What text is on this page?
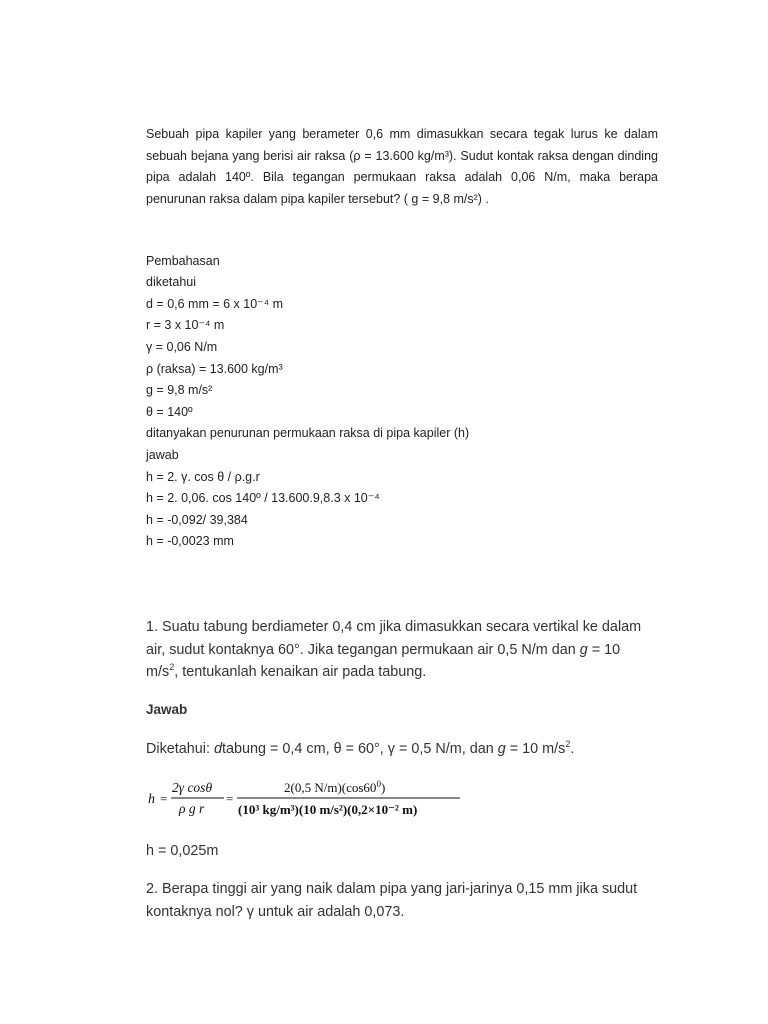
Sebuah pipa kapiler yang berameter 0,6 mm dimasukkan secara tegak lurus ke dalam sebuah bejana yang berisi air raksa (ρ = 13.600 kg/m³). Sudut kontak raksa dengan dinding pipa adalah 140º. Bila tegangan permukaan raksa adalah 0,06 N/m, maka berapa penurunan raksa dalam pipa kapiler tersebut? ( g = 9,8 m/s²) .

Pembahasan
diketahui
d = 0,6 mm = 6 x 10⁻⁴ m
r = 3 x 10⁻⁴ m
γ = 0,06 N/m
ρ (raksa) = 13.600 kg/m³
g = 9,8 m/s²
θ = 140º
ditanyakan penurunan permukaan raksa di pipa kapiler (h)
jawab
h = 2. γ. cos θ / ρ.g.r
h = 2. 0,06. cos 140º / 13.600.9,8.3 x 10⁻⁴
h = -0,092/ 39,384
h = -0,0023 mm

1. Suatu tabung berdiameter 0,4 cm jika dimasukkan secara vertikal ke dalam

air, sudut kontaknya 60°. Jika tegangan permukaan air 0,5 N/m dan g = 10

$m/s^2$, tentukanlah kenaikan air pada tabung.

Jawab

Diketahui: dtabung = 0,4 cm, θ = 60°, γ = 0,5 N/m, dan g = 10 $m/s^2$.

h =
2γ cosθ
ρ g r
=
2(0,5 $N/m)(\cos 60^0)$
(10³ kg/m³)(10 m/s²)(0,2×10⁻² m)
h = 0,025m

2. Berapa tinggi air yang naik dalam pipa yang jari-jarinya 0,15 mm jika sudut

kontaknya nol? γ untuk air adalah 0,073.
